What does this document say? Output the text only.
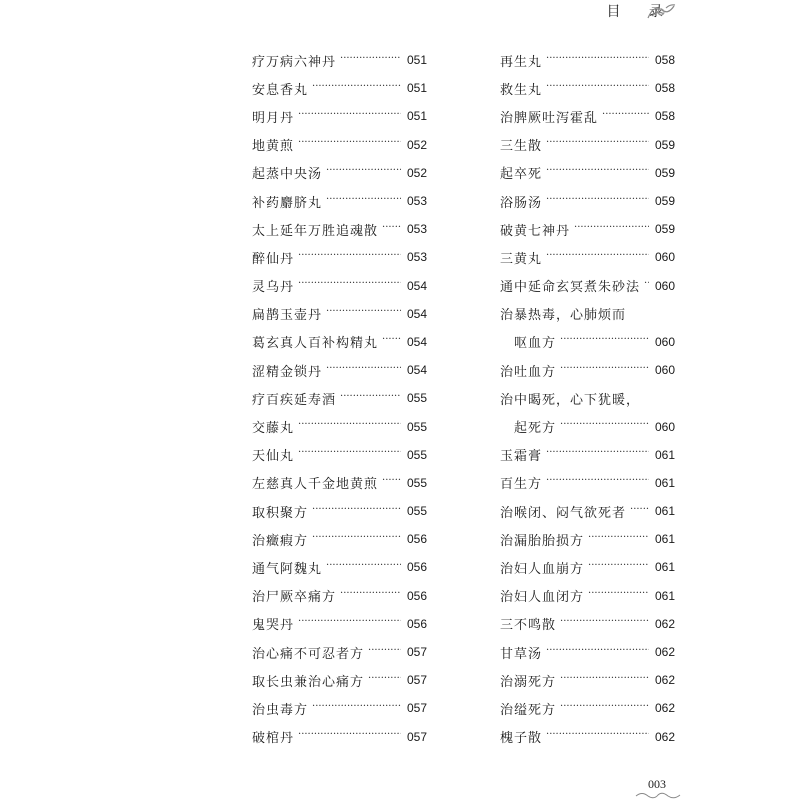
目 录
疗万病六神丹 ·····	051
安息香丸 ·····	051
明月丹 ·····	051
地黄煎 ·····	052
起蒸中央汤 ·····	052
补药麝脐丸 ·····	053
太上延年万胜追魂散 ·····	053
醉仙丹 ·····	053
灵乌丹 ·····	054
扁鹊玉壶丹 ·····	054
葛玄真人百补构精丸 ·····	054
涩精金锁丹 ·····	054
疗百疾延寿酒 ·····	055
交藤丸 ·····	055
天仙丸 ·····	055
左慈真人千金地黄煎 ·····	055
取积聚方 ·····	055
治癥瘕方 ·····	056
通气阿魏丸 ·····	056
治尸厥卒痛方 ·····	056
鬼哭丹 ·····	056
治心痛不可忍者方 ·····	057
取长虫兼治心痛方 ·····	057
治虫毒方 ·····	057
破棺丹 ·····	057
再生丸 ·····	058
救生丸 ·····	058
治脾厥吐泻霍乱 ·····	058
三生散 ·····	059
起卒死 ·····	059
浴肠汤 ·····	059
破黄七神丹 ·····	059
三黄丸 ·····	060
通中延命玄冥煮朱砂法 ·····	060
治暴热毒，心肺烦而
呕血方 ·····	060
治吐血方 ·····	060
治中暍死，心下犹暖，
起死方 ·····	060
玉霜膏 ·····	061
百生方 ·····	061
治喉闭、闷气欲死者 ·····	061
治漏胎胎损方 ·····	061
治妇人血崩方 ·····	061
治妇人血闭方 ·····	061
三不鸣散 ·····	062
甘草汤 ·····	062
治溺死方 ·····	062
治缢死方 ·····	062
槐子散 ·····	062
003
